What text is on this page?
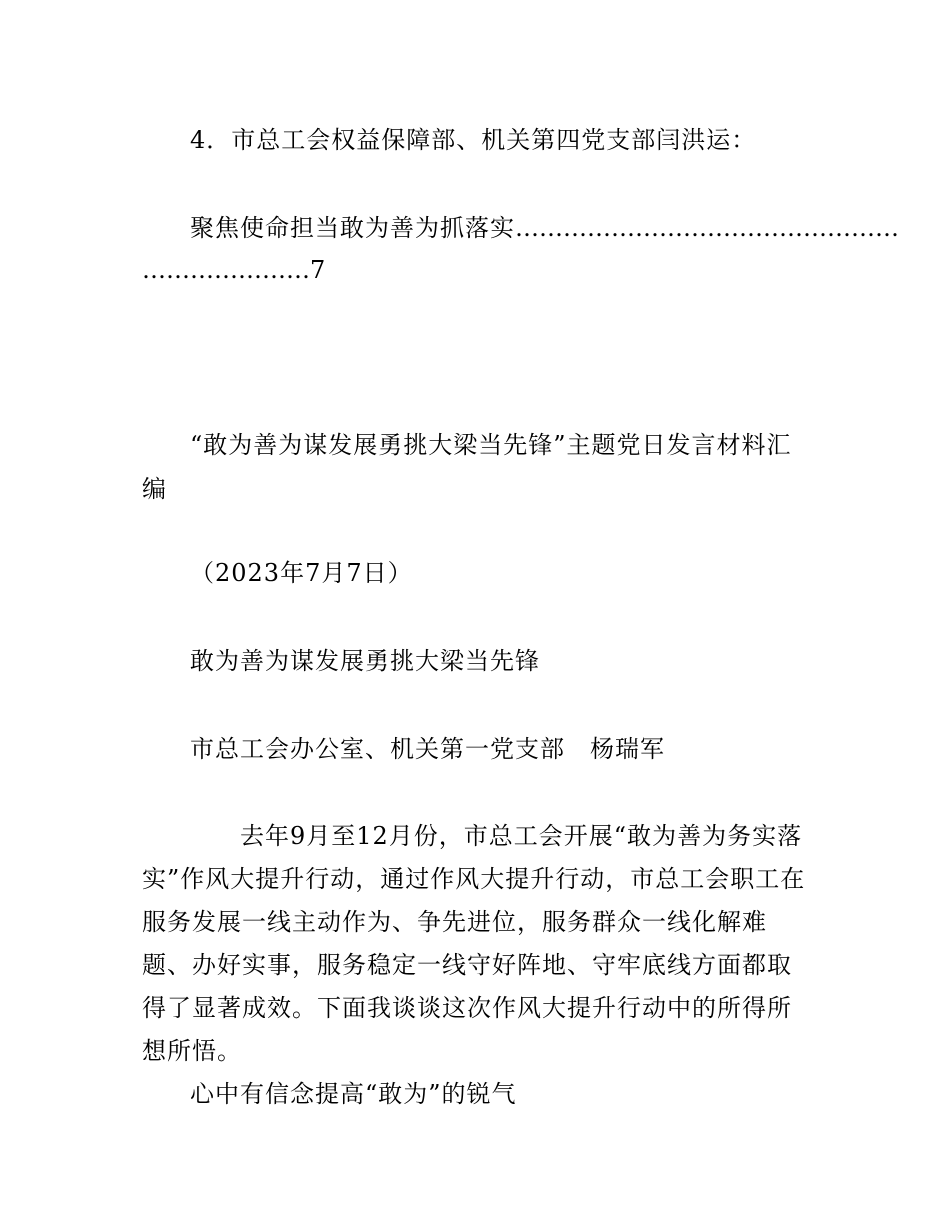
4．市总工会权益保障部、机关第四党支部闫洪运：
聚焦使命担当敢为善为抓落实…………………………………………
…………………7
“敢为善为谋发展勇挑大梁当先锋”主题党日发言材料汇编
（2023年7月7日）
敢为善为谋发展勇挑大梁当先锋
市总工会办公室、机关第一党支部　杨瑞军
去年9月至12月份，市总工会开展“敢为善为务实落实”作风大提升行动，通过作风大提升行动，市总工会职工在服务发展一线主动作为、争先进位，服务群众一线化解难题、办好实事，服务稳定一线守好阵地、守牢底线方面都取得了显著成效。下面我谈谈这次作风大提升行动中的所得所想所悟。
心中有信念提高“敢为”的锐气
